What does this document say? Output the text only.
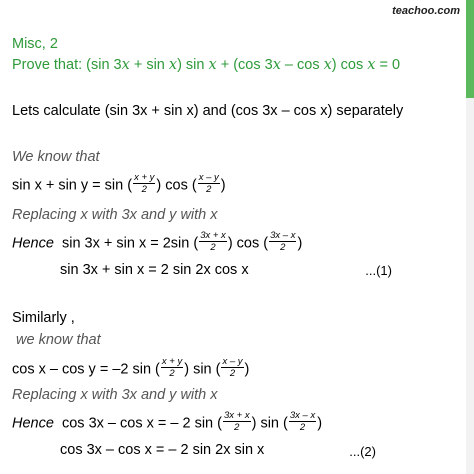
teachoo.com
Misc, 2
Prove that: (sin 3x + sin x) sin x + (cos 3x – cos x) cos x = 0
Lets calculate (sin 3x + sin x) and (cos 3x – cos x) separately
We know that
sin x + sin y = sin ( $\frac{x + y}{2}$ ) cos ( $\frac{x - y}{2}$ )
Replacing x with 3x and y with x
Hence sin 3x + sin x = 2sin ( $\frac{3x + x}{2}$ ) cos ( $\frac{3x - x}{2}$ )
sin 3x + sin x = 2 sin 2x cos x	...(1)
Similarly ,
we know that
cos x – cos y = –2 sin ( $\frac{x + y}{2}$ ) sin ( $\frac{x - y}{2}$ )
Replacing x with 3x and y with x
Hence cos 3x – cos x = – 2 sin ( $\frac{3x + x}{2}$ ) sin ( $\frac{3x - x}{2}$ )
cos 3x – cos x = – 2 sin 2x sin x	...(2)
